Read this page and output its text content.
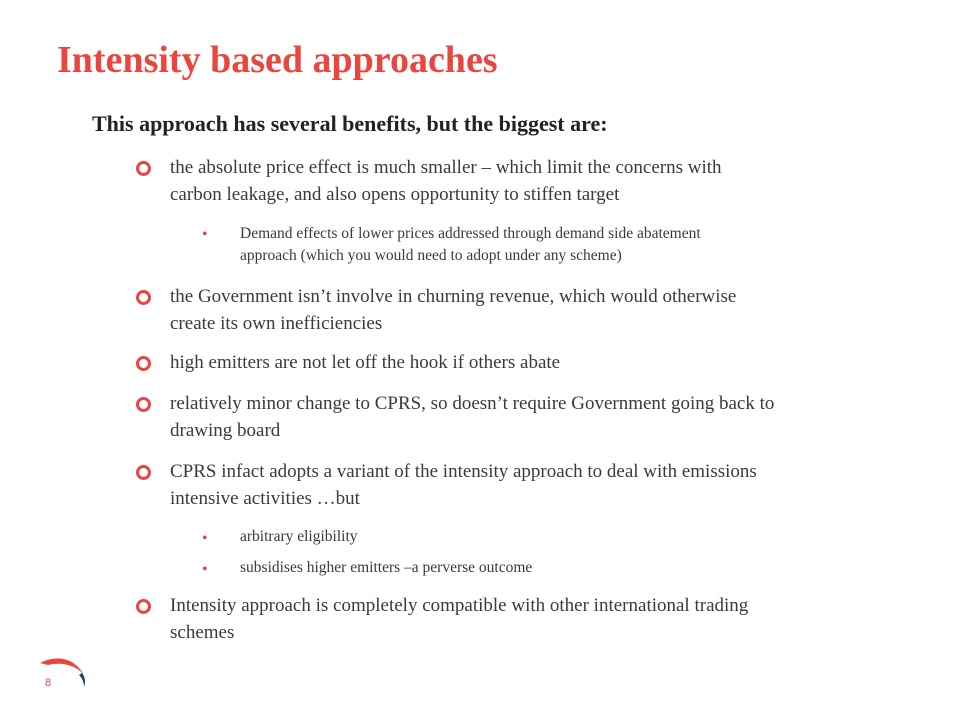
Intensity based approaches
This approach has several benefits, but the biggest are:
the absolute price effect is much smaller – which limit the concerns with
carbon leakage, and also opens opportunity to stiffen target
• Demand effects of lower prices addressed through demand side abatement
approach (which you would need to adopt under any scheme)
the Government isn’t involve in churning revenue, which would otherwise
create its own inefficiencies
high emitters are not let off the hook if others abate
relatively minor change to CPRS, so doesn’t require Government going back to
drawing board
CPRS infact adopts a variant of the intensity approach to deal with emissions
intensive activities …but
• arbitrary eligibility
• subsidises higher emitters –a perverse outcome
Intensity approach is completely compatible with other international trading
schemes
8
